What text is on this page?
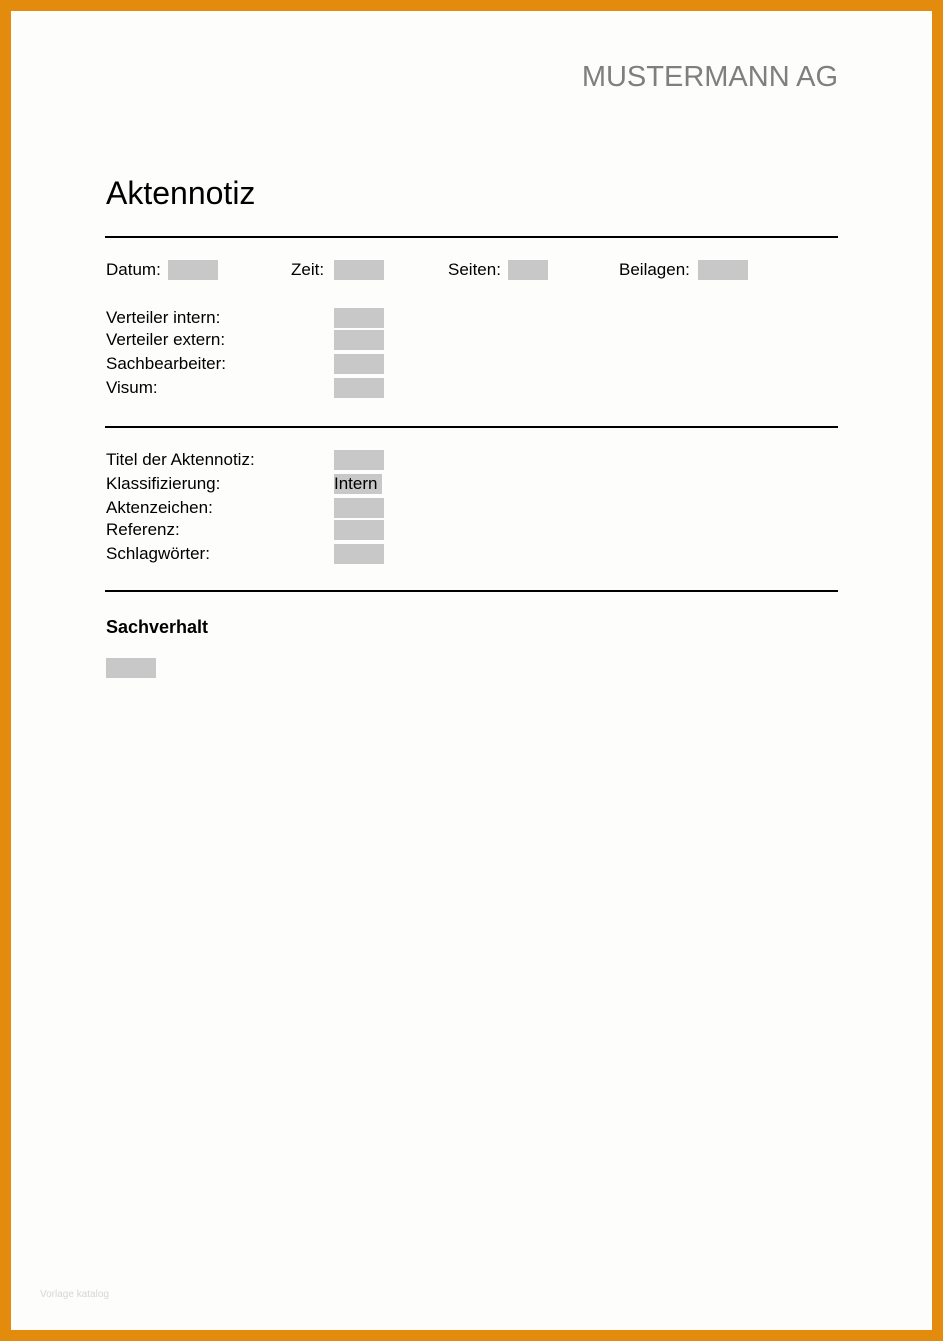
MUSTERMANN AG
Aktennotiz
Datum:	Zeit:	Seiten:	Beilagen:
Verteiler intern:
Verteiler extern:
Sachbearbeiter:
Visum:
Titel der Aktennotiz:
Klassifizierung:	Intern
Aktenzeichen:
Referenz:
Schlagwörter:
Sachverhalt
Vorlage katalog
